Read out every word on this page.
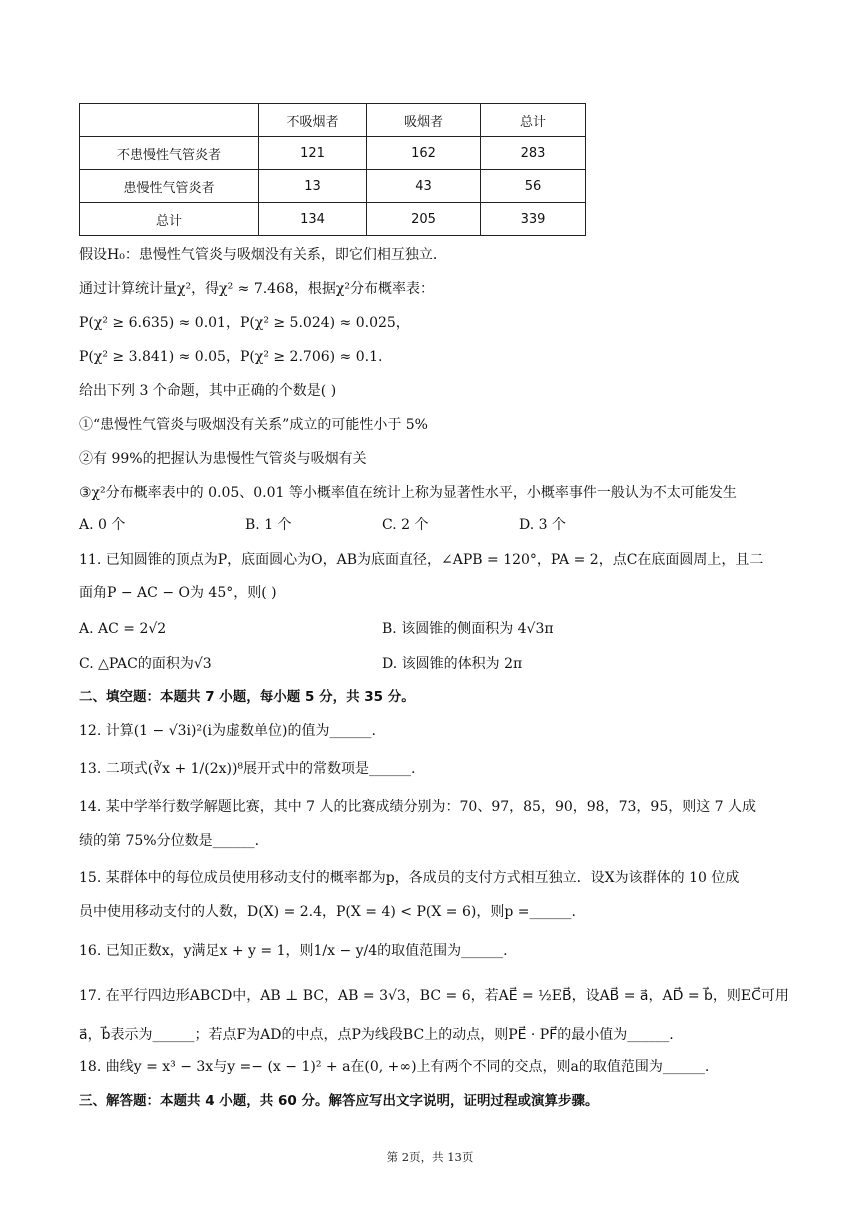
	不吸烟者	吸烟者	总计
不患慢性气管炎者	121	162	283
患慢性气管炎者	13	43	56
总计	134	205	339
假设H₀：患慢性气管炎与吸烟没有关系，即它们相互独立.
通过计算统计量χ²，得χ² ≈ 7.468，根据χ²分布概率表：
P(χ² ≥ 6.635) ≈ 0.01，P(χ² ≥ 5.024) ≈ 0.025，
P(χ² ≥ 3.841) ≈ 0.05，P(χ² ≥ 2.706) ≈ 0.1.
给出下列 3 个命题，其中正确的个数是( )
①“患慢性气管炎与吸烟没有关系”成立的可能性小于 5%
②有 99%的把握认为患慢性气管炎与吸烟有关
③χ²分布概率表中的 0.05、0.01 等小概率值在统计上称为显著性水平，小概率事件一般认为不太可能发生
A. 0 个	B. 1 个	C. 2 个	D. 3 个
11. 已知圆锥的顶点为P，底面圆心为O，AB为底面直径，∠APB = 120°，PA = 2，点C在底面圆周上，且二
面角P − AC − O为 45°，则( )
A. AC = 2√2	B. 该圆锥的侧面积为 4√3π
C. △PAC的面积为√3	D. 该圆锥的体积为 2π
二、填空题：本题共 7 小题，每小题 5 分，共 35 分。
12. 计算(1 − √3i)²(i为虚数单位)的值为______.
13. 二项式(∛x + 1/(2x))⁸展开式中的常数项是______.
14. 某中学举行数学解题比赛，其中 7 人的比赛成绩分别为：70、97，85，90，98，73，95，则这 7 人成
绩的第 75%分位数是______.
15. 某群体中的每位成员使用移动支付的概率都为p，各成员的支付方式相互独立．设X为该群体的 10 位成
员中使用移动支付的人数，D(X) = 2.4，P(X = 4) < P(X = 6)，则p =______.
16. 已知正数x，y满足x + y = 1，则1/x − y/4的取值范围为______.
17. 在平行四边形ABCD中，AB ⊥ BC，AB = 3√3，BC = 6，若AE⃗ = ½EB⃗，设AB⃗ = a⃗，AD⃗ = b⃗，则EC⃗可用
a⃗，b⃗表示为______；若点F为AD的中点，点P为线段BC上的动点，则PE⃗ · PF⃗的最小值为______.
18. 曲线y = x³ − 3x与y =− (x − 1)² + a在(0, +∞)上有两个不同的交点，则a的取值范围为______.
三、解答题：本题共 4 小题，共 60 分。解答应写出文字说明，证明过程或演算步骤。
第 2页，共 13页
